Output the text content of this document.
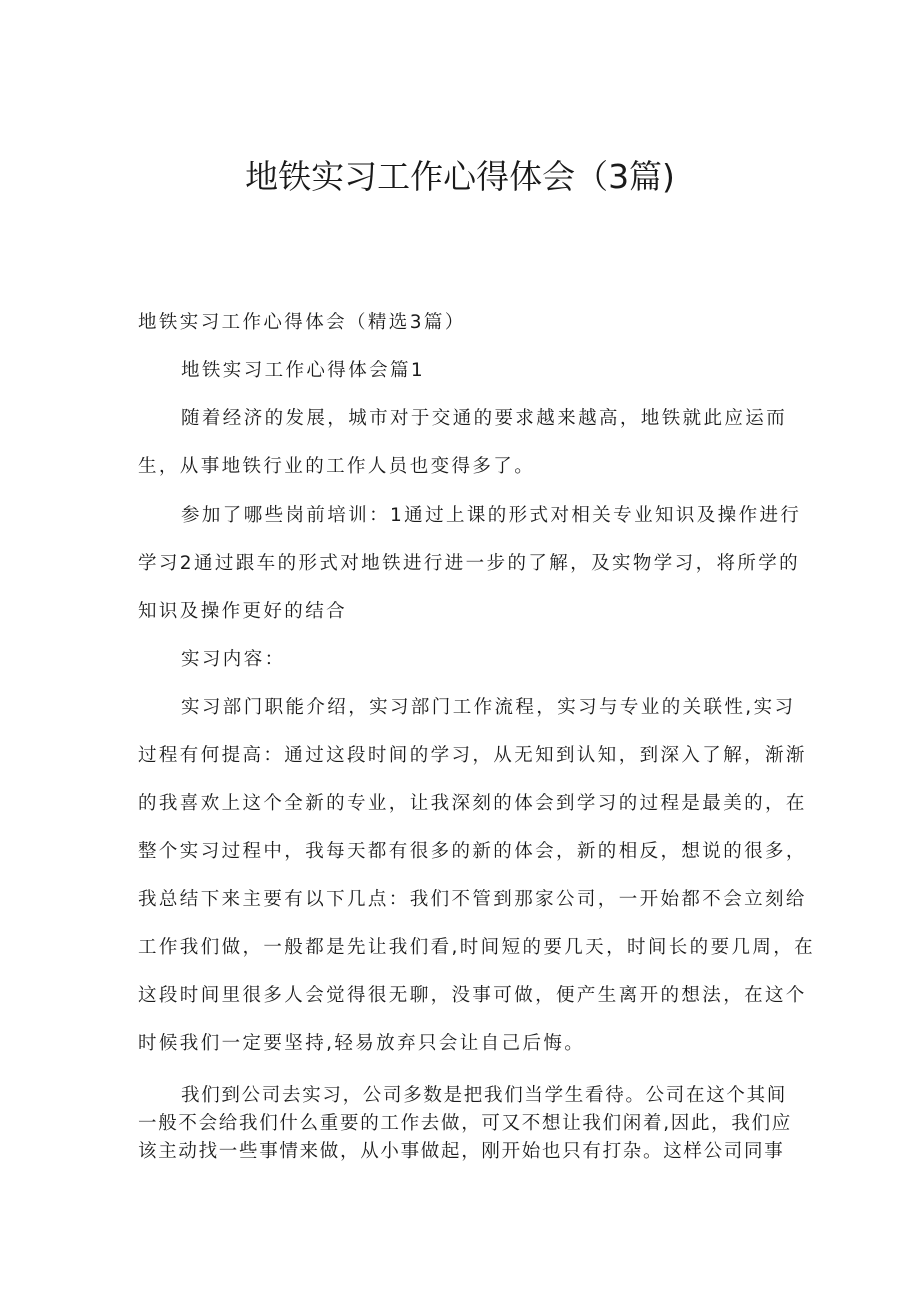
地铁实习工作心得体会（3篇)

地铁实习工作心得体会（精选3篇）

地铁实习工作心得体会篇1

随着经济的发展，城市对于交通的要求越来越高，地铁就此应运而

生，从事地铁行业的工作人员也变得多了。

参加了哪些岗前培训：1通过上课的形式对相关专业知识及操作进行

学习2通过跟车的形式对地铁进行进一步的了解，及实物学习，将所学的

知识及操作更好的结合

实习内容：

实习部门职能介绍，实习部门工作流程，实习与专业的关联性,实习

过程有何提高：通过这段时间的学习，从无知到认知，到深入了解，渐渐

的我喜欢上这个全新的专业，让我深刻的体会到学习的过程是最美的，在

整个实习过程中，我每天都有很多的新的体会，新的相反，想说的很多，

我总结下来主要有以下几点：我们不管到那家公司，一开始都不会立刻给

工作我们做，一般都是先让我们看,时间短的要几天，时间长的要几周，在

这段时间里很多人会觉得很无聊，没事可做，便产生离开的想法，在这个

时候我们一定要坚持,轻易放弃只会让自己后悔。

我们到公司去实习，公司多数是把我们当学生看待。公司在这个其间

一般不会给我们什么重要的工作去做，可又不想让我们闲着,因此，我们应

该主动找一些事情来做，从小事做起，刚开始也只有打杂。这样公司同事
